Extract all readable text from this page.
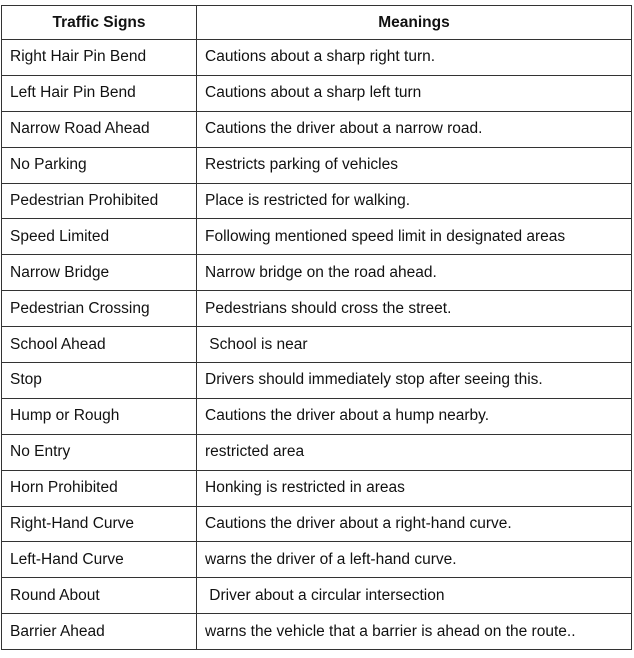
Traffic Signs	Meanings
Right Hair Pin Bend	Cautions about a sharp right turn.
Left Hair Pin Bend	Cautions about a sharp left turn
Narrow Road Ahead	Cautions the driver about a narrow road.
No Parking	Restricts parking of vehicles
Pedestrian Prohibited	Place is restricted for walking.
Speed Limited	Following mentioned speed limit in designated areas
Narrow Bridge	Narrow bridge on the road ahead.
Pedestrian Crossing	Pedestrians should cross the street.
School Ahead	School is near
Stop	Drivers should immediately stop after seeing this.
Hump or Rough	Cautions the driver about a hump nearby.
No Entry	restricted area
Horn Prohibited	Honking is restricted in areas
Right-Hand Curve	Cautions the driver about a right-hand curve.
Left-Hand Curve	warns the driver of a left-hand curve.
Round About	Driver about a circular intersection
Barrier Ahead	warns the vehicle that a barrier is ahead on the route..
